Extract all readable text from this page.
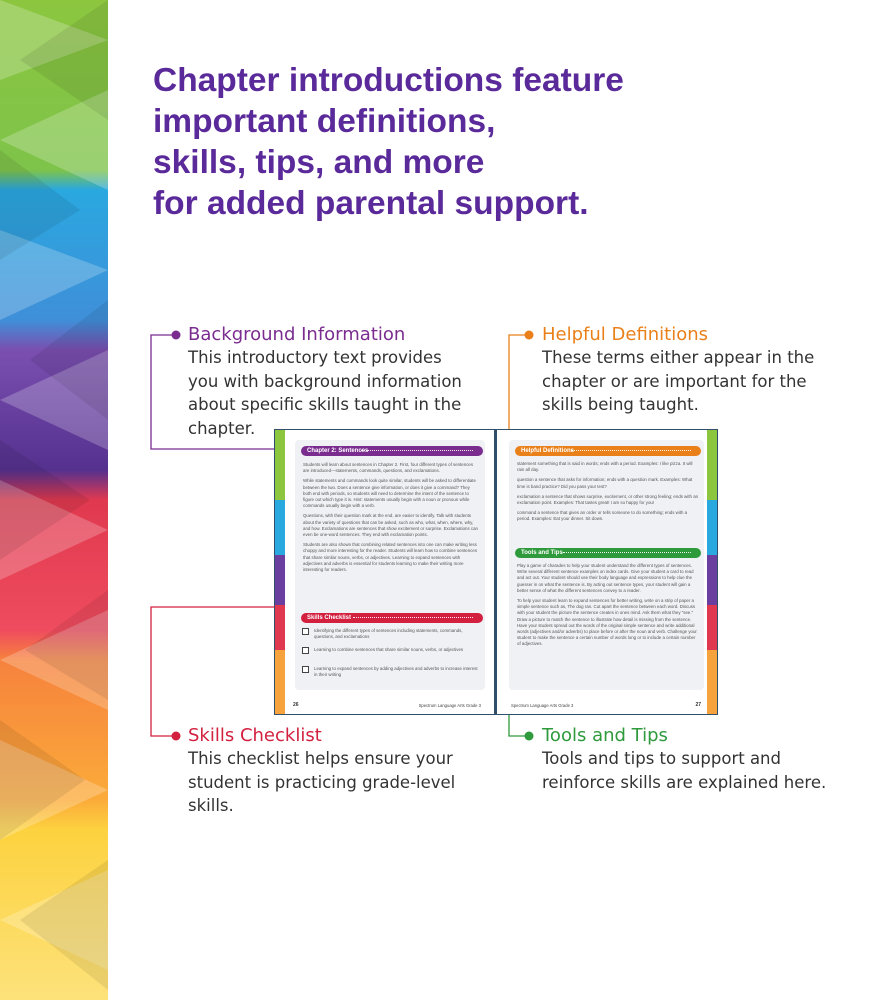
Chapter introductions feature
important definitions,
skills, tips, and more
for added parental support.
Background Information
This introductory text provides
you with background information
about specific skills taught in the
chapter.
Helpful Definitions
These terms either appear in the
chapter or are important for the
skills being taught.
Skills Checklist
This checklist helps ensure your
student is practicing grade-level
skills.
Tools and Tips
Tools and tips to support and
reinforce skills are explained here.
Chapter 2: Sentences

Students will learn about sentences in Chapter 2. First, four different types of sentences are introduced—statements, commands, questions, and exclamations.

While statements and commands look quite similar, students will be asked to differentiate between the two. Does a sentence give information, or does it give a command? They both end with periods, so students will need to determine the intent of the sentence to figure out which type it is. Hint: statements usually begin with a noun or pronoun while commands usually begin with a verb.

Questions, with their question mark at the end, are easier to identify. Talk with students about the variety of questions that can be asked, such as who, what, when, where, why, and how. Exclamations are sentences that show excitement or surprise. Exclamations can even be one-word sentences. They end with exclamation points.

Students are also shown that combining related sentences into one can make writing less choppy and more interesting for the reader. Students will learn how to combine sentences that share similar nouns, verbs, or adjectives. Learning to expand sentences with adjectives and adverbs is essential for students learning to make their writing more interesting for readers.

Skills Checklist
Identifying the different types of sentences including statements, commands, questions, and exclamations
Learning to combine sentences that share similar nouns, verbs, or adjectives
Learning to expand sentences by adding adjectives and adverbs to increase interest in their writing
26	Spectrum Language Arts Grade 3
Helpful Definitions

statement something that is said in words; ends with a period. Examples: I like pizza. It will rain all day.

question a sentence that asks for information; ends with a question mark. Examples: What time is band practice? Did you pass your test?

exclamation a sentence that shows surprise, excitement, or other strong feeling; ends with an exclamation point. Examples: That tastes great! I am so happy for you!

command a sentence that gives an order or tells someone to do something; ends with a period. Examples: Eat your dinner. Sit down.

Tools and Tips

Play a game of charades to help your student understand the different types of sentences. Write several different sentence examples on index cards. Give your student a card to read and act out. Your student should use their body language and expressions to help clue the guesser in on what the sentence is. By acting out sentence types, your student will gain a better sense of what the different sentences convey to a reader.

To help your student learn to expand sentences for better writing, write on a strip of paper a simple sentence such as, The dog ran. Cut apart the sentence between each word. Discuss with your student the picture the sentence creates in ones mind. Ask them what they "see." Draw a picture to match the sentence to illustrate how detail is missing from the sentence. Have your student spread out the words of the original simple sentence and write additional words (adjectives and/or adverbs) to place before or after the noun and verb. Challenge your student to make the sentence a certain number of words long or to include a certain number of adjectives.

Spectrum Language Arts Grade 3	27
